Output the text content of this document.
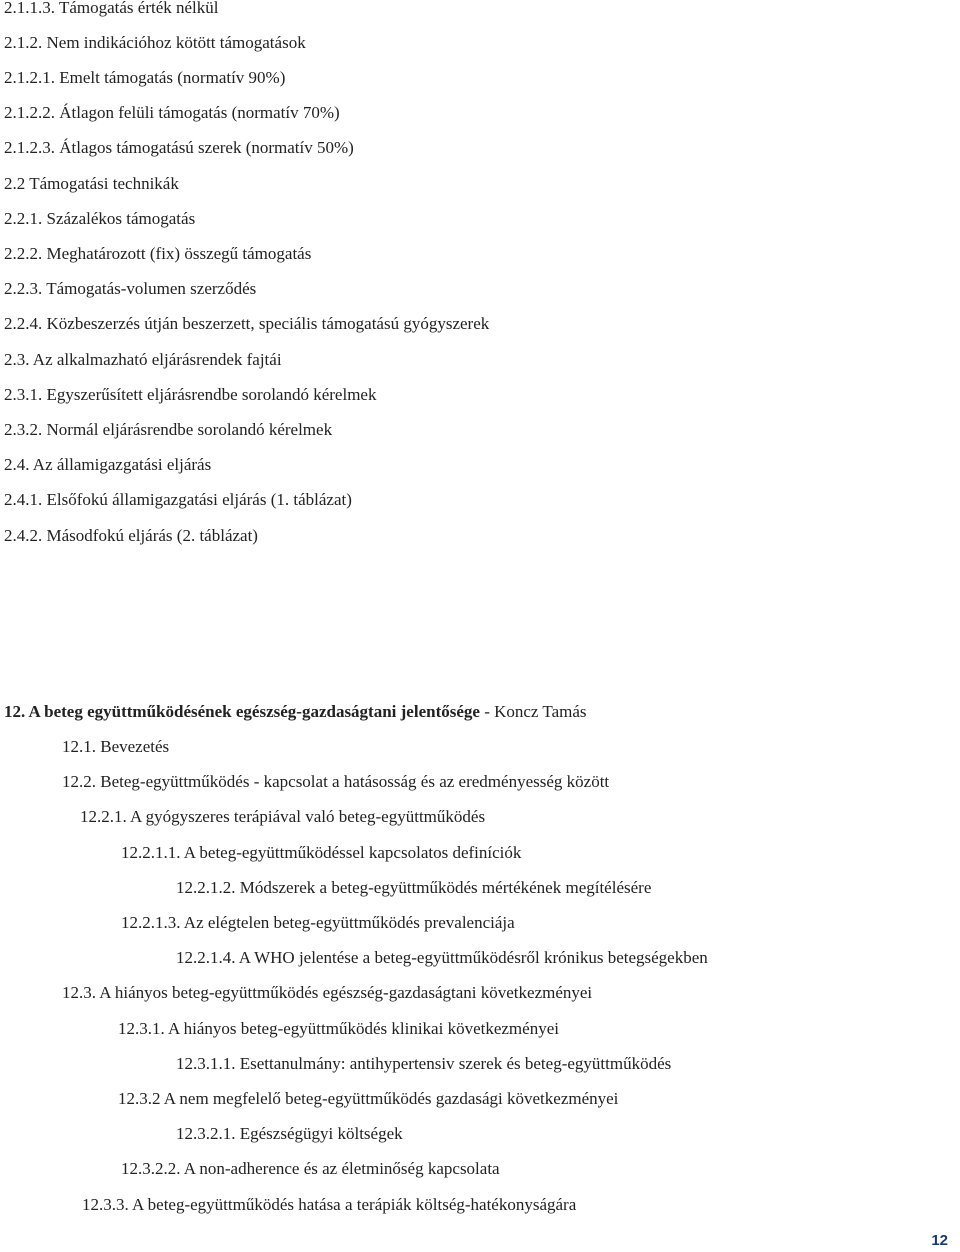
2.1.1.3. Támogatás érték nélkül
2.1.2. Nem indikációhoz kötött támogatások
2.1.2.1. Emelt támogatás (normatív 90%)
2.1.2.2. Átlagon felüli támogatás (normatív 70%)
2.1.2.3. Átlagos támogatású szerek (normatív 50%)
2.2 Támogatási technikák
2.2.1. Százalékos támogatás
2.2.2. Meghatározott (fix) összegű támogatás
2.2.3. Támogatás-volumen szerződés
2.2.4. Közbeszerzés útján beszerzett, speciális támogatású gyógyszerek
2.3. Az alkalmazható eljárásrendek fajtái
2.3.1. Egyszerűsített eljárásrendbe sorolandó kérelmek
2.3.2. Normál eljárásrendbe sorolandó kérelmek
2.4. Az államigazgatási eljárás
2.4.1. Elsőfokú államigazgatási eljárás (1. táblázat)
2.4.2. Másodfokú eljárás (2. táblázat)
12. A beteg együttműködésének egészség-gazdaságtani jelentősége - Koncz Tamás
12.1. Bevezetés
12.2. Beteg-együttműködés - kapcsolat a hatásosság és az eredményesség között
12.2.1. A gyógyszeres terápiával való beteg-együttműködés
12.2.1.1. A beteg-együttműködéssel kapcsolatos definíciók
12.2.1.2. Módszerek a beteg-együttműködés mértékének megítélésére
12.2.1.3. Az elégtelen beteg-együttműködés prevalenciája
12.2.1.4. A WHO jelentése a beteg-együttműködésről krónikus betegségekben
12.3. A hiányos beteg-együttműködés egészség-gazdaságtani következményei
12.3.1. A hiányos beteg-együttműködés klinikai következményei
12.3.1.1. Esettanulmány: antihypertensiv szerek és beteg-együttműködés
12.3.2 A nem megfelelő beteg-együttműködés gazdasági következményei
12.3.2.1. Egészségügyi költségek
12.3.2.2. A non-adherence és az életminőség kapcsolata
12.3.3. A beteg-együttműködés hatása a terápiák költség-hatékonyságára
12
